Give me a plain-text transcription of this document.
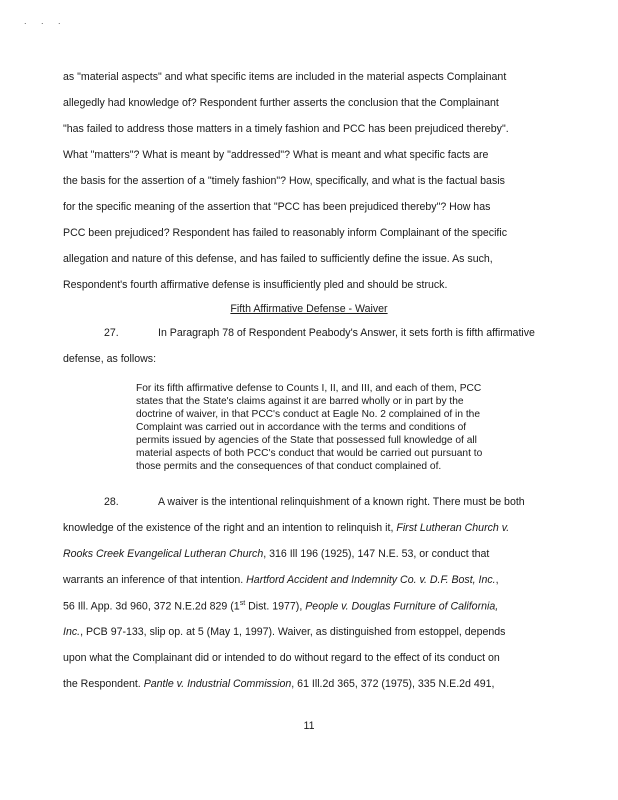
. . .
as "material aspects" and what specific items are included in the material aspects Complainant
allegedly had knowledge of? Respondent further asserts the conclusion that the Complainant
"has failed to address those matters in a timely fashion and PCC has been prejudiced thereby".
What "matters"? What is meant by "addressed"? What is meant and what specific facts are
the basis for the assertion of a "timely fashion"? How, specifically, and what is the factual basis
for the specific meaning of the assertion that "PCC has been prejudiced thereby"? How has
PCC been prejudiced? Respondent has failed to reasonably inform Complainant of the specific
allegation and nature of this defense, and has failed to sufficiently define the issue. As such,
Respondent's fourth affirmative defense is insufficiently pled and should be struck.
Fifth Affirmative Defense - Waiver
27.	In Paragraph 78 of Respondent Peabody's Answer, it sets forth is fifth affirmative
defense, as follows:
For its fifth affirmative defense to Counts I, II, and III, and each of them, PCC
states that the State's claims against it are barred wholly or in part by the
doctrine of waiver, in that PCC's conduct at Eagle No. 2 complained of in the
Complaint was carried out in accordance with the terms and conditions of
permits issued by agencies of the State that possessed full knowledge of all
material aspects of both PCC's conduct that would be carried out pursuant to
those permits and the consequences of that conduct complained of.
28.	A waiver is the intentional relinquishment of a known right. There must be both
knowledge of the existence of the right and an intention to relinquish it, First Lutheran Church v.
Rooks Creek Evangelical Lutheran Church, 316 Ill 196 (1925), 147 N.E. 53, or conduct that
warrants an inference of that intention. Hartford Accident and Indemnity Co. v. D.F. Bost, Inc.,
56 Ill. App. 3d 960, 372 N.E.2d 829 (1st Dist. 1977), People v. Douglas Furniture of California,
Inc., PCB 97-133, slip op. at 5 (May 1, 1997). Waiver, as distinguished from estoppel, depends
upon what the Complainant did or intended to do without regard to the effect of its conduct on
the Respondent. Pantle v. Industrial Commission, 61 Ill.2d 365, 372 (1975), 335 N.E.2d 491,
11
